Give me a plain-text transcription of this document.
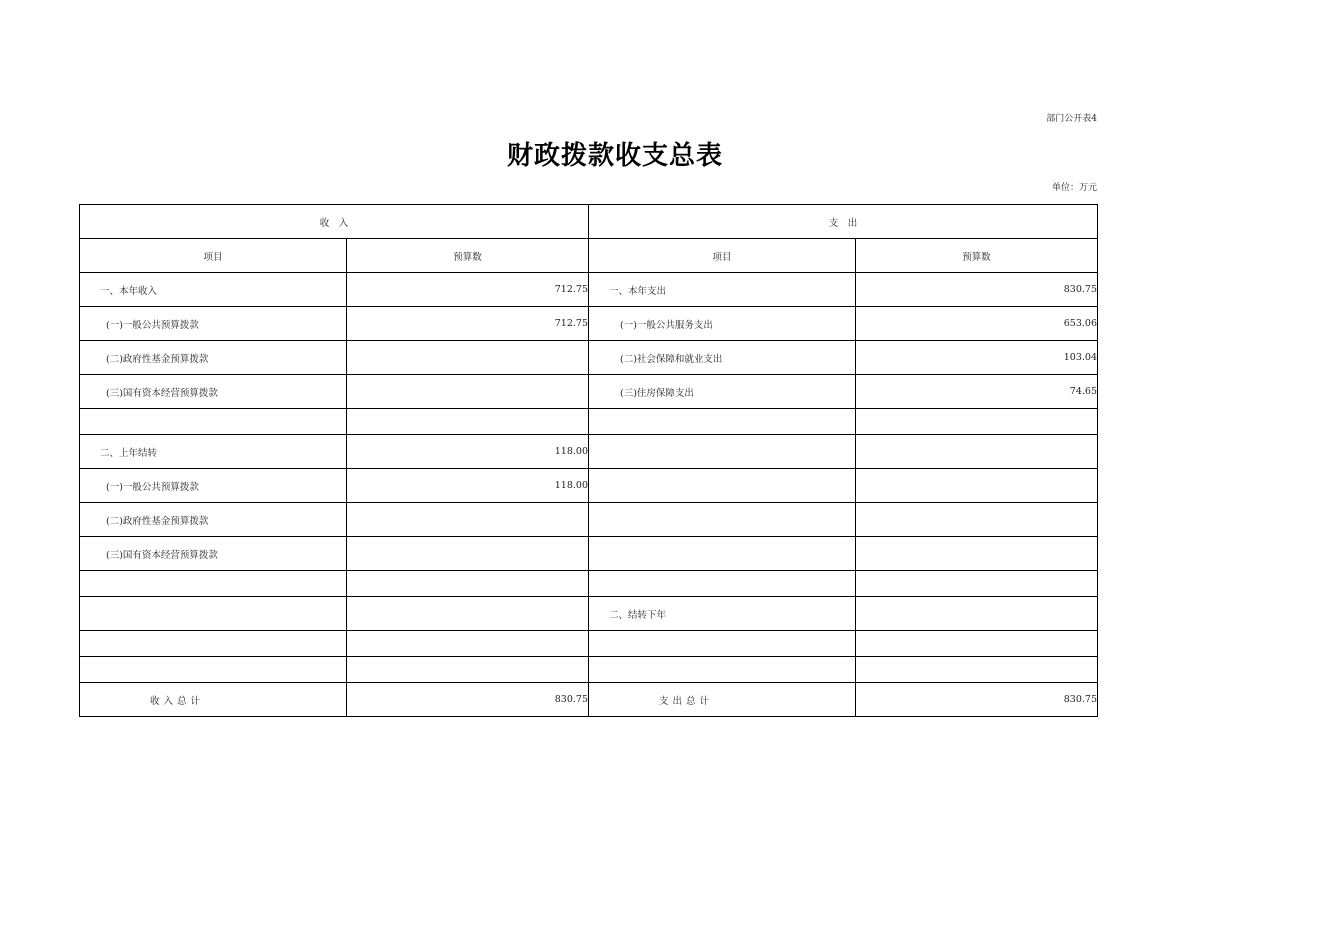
部门公开表4
财政拨款收支总表
单位：万元
收　入		支　出	
项目	预算数	项目	预算数
一、本年收入	712.75	一、本年支出	830.75
(一)一般公共预算拨款	712.75	(一)一般公共服务支出	653.06
(二)政府性基金预算拨款		(二)社会保障和就业支出	103.04
(三)国有资本经营预算拨款		(三)住房保障支出	74.65

二、上年结转	118.00		
(一)一般公共预算拨款	118.00		
(二)政府性基金预算拨款			
(三)国有资本经营预算拨款			

		二、结转下年	

收入总计	830.75	支出总计	830.75
